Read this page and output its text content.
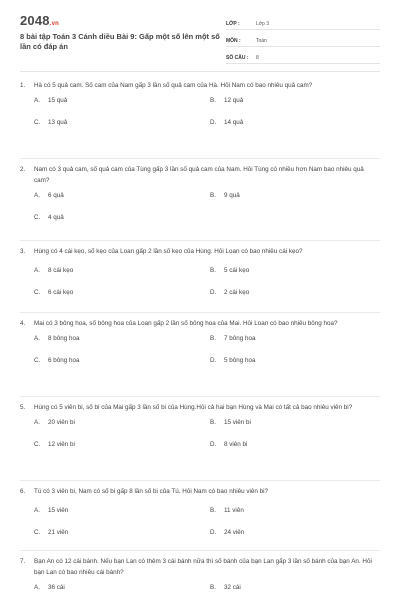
2048.vn
8 bài tập Toán 3 Cánh diều Bài 9: Gấp một số lên một số lần có đáp án
LỚP :	Lớp 3
MÔN :	Toán
SỐ CÂU :	8
1.	Hà có 5 quả cam. Số cam của Nam gấp 3 lần số quả cam của Hà. Hỏi Nam có bao nhiêu quả cam?
A.	15 quả	B.	12 quả
C.	13 quả	D.	14 quả
2.	Nam có 3 quả cam, số quả cam của Tùng gấp 3 lần số quả cam của Nam. Hỏi Tùng có nhiều hơn Nam bao nhiêu quả cam?
A.	6 quả	B.	9 quả
C.	4 quả
3.	Hùng có 4 cái kẹo, số kẹo của Loan gấp 2 lần số kẹo của Hùng. Hỏi Loan có bao nhiêu cái kẹo?
A.	8 cái kẹo	B.	5 cái kẹo
C.	6 cái kẹo	D.	2 cái kẹo
4.	Mai có 3 bông hoa, số bông hoa của Loan gấp 2 lần số bông hoa của Mai. Hỏi Loan có bao nhiêu bông hoa?
A.	8 bông hoa	B.	7 bông hoa
C.	6 bông hoa	D.	5 bông hoa
5.	Hùng có 5 viên bi, số bi của Mai gấp 3 lần số bi của Hùng.Hỏi cả hai bạn Hùng và Mai có tất cả bao nhiêu viên bi?
A.	20 viên bi	B.	15 viên bi
C.	12 viên bi	D.	8 viên bi
6.	Tú có 3 viên bi, Nam có số bi gấp 8 lần số bi của Tú. Hỏi Nam có bao nhiêu viên bi?
A.	15 viên	B.	11 viên
C.	21 viên	D.	24 viên
7.	Bạn An có 12 cái bánh. Nếu bạn Lan có thêm 3 cái bánh nữa thì số bánh của bạn Lan gấp 3 lần số bánh của bạn An. Hỏi bạn Lan có bao nhiêu cái bánh?
A.	36 cái	B.	32 cái
